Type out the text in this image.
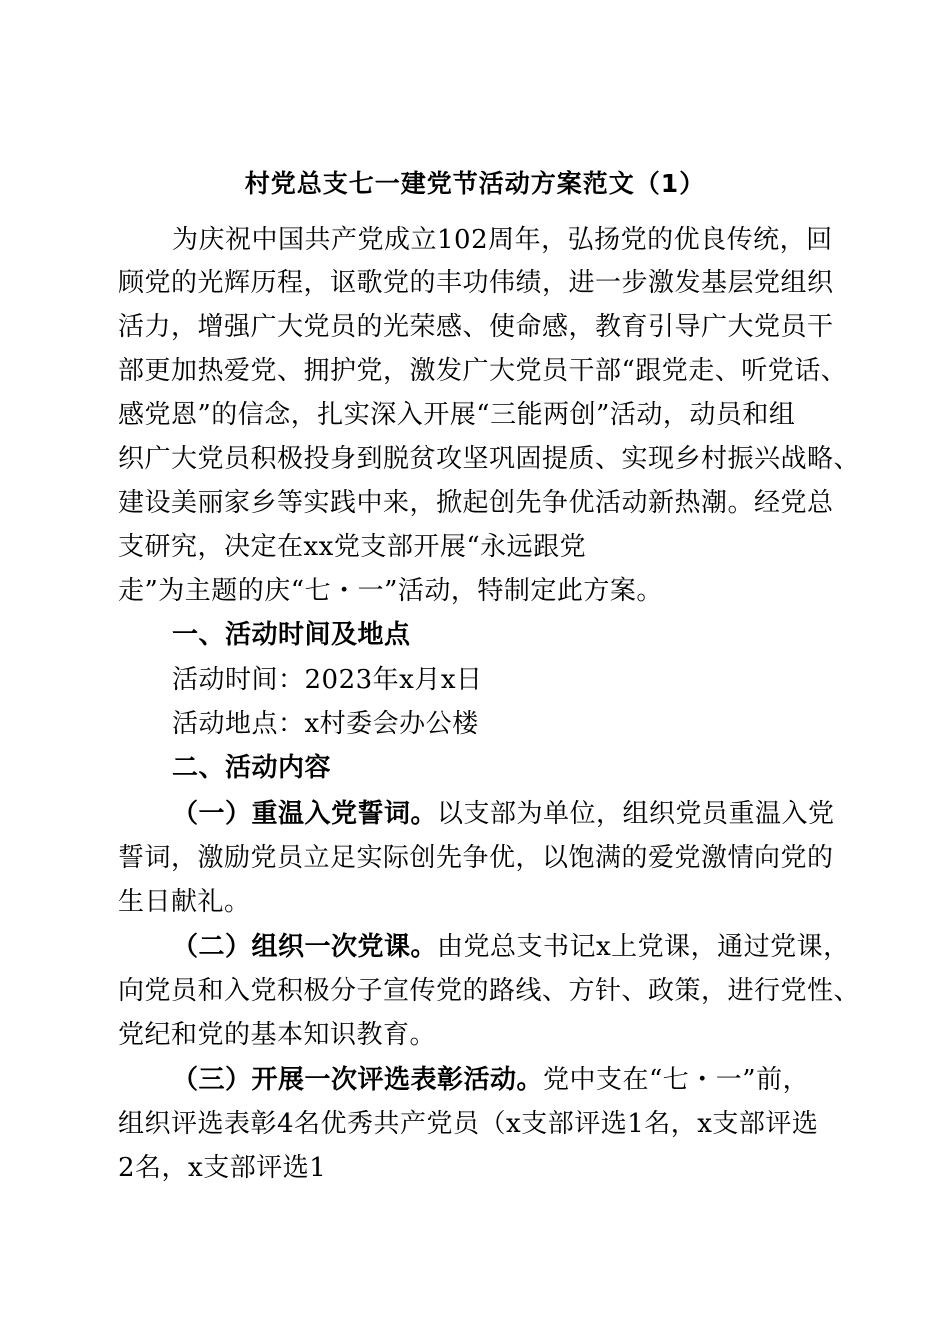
村党总支七一建党节活动方案范文（1）
为庆祝中国共产党成立102周年，弘扬党的优良传统，回
顾党的光辉历程，讴歌党的丰功伟绩，进一步激发基层党组织
活力，增强广大党员的光荣感、使命感，教育引导广大党员干
部更加热爱党、拥护党，激发广大党员干部“跟党走、听党话、
感党恩”的信念，扎实深入开展“三能两创”活动，动员和组
织广大党员积极投身到脱贫攻坚巩固提质、实现乡村振兴战略、
建设美丽家乡等实践中来，掀起创先争优活动新热潮。经党总
支研究，决定在xx党支部开展“永远跟党
走”为主题的庆“七・一”活动，特制定此方案。
一、活动时间及地点
活动时间：2023年x月x日
活动地点：x村委会办公楼
二、活动内容
（一）重温入党誓词。以支部为单位，组织党员重温入党
誓词，激励党员立足实际创先争优，以饱满的爱党激情向党的
生日献礼。
（二）组织一次党课。由党总支书记x上党课，通过党课，
向党员和入党积极分子宣传党的路线、方针、政策，进行党性、
党纪和党的基本知识教育。
（三）开展一次评选表彰活动。党中支在“七・一”前，
组织评选表彰4名优秀共产党员（x支部评选1名，x支部评选
2名，x支部评选1
